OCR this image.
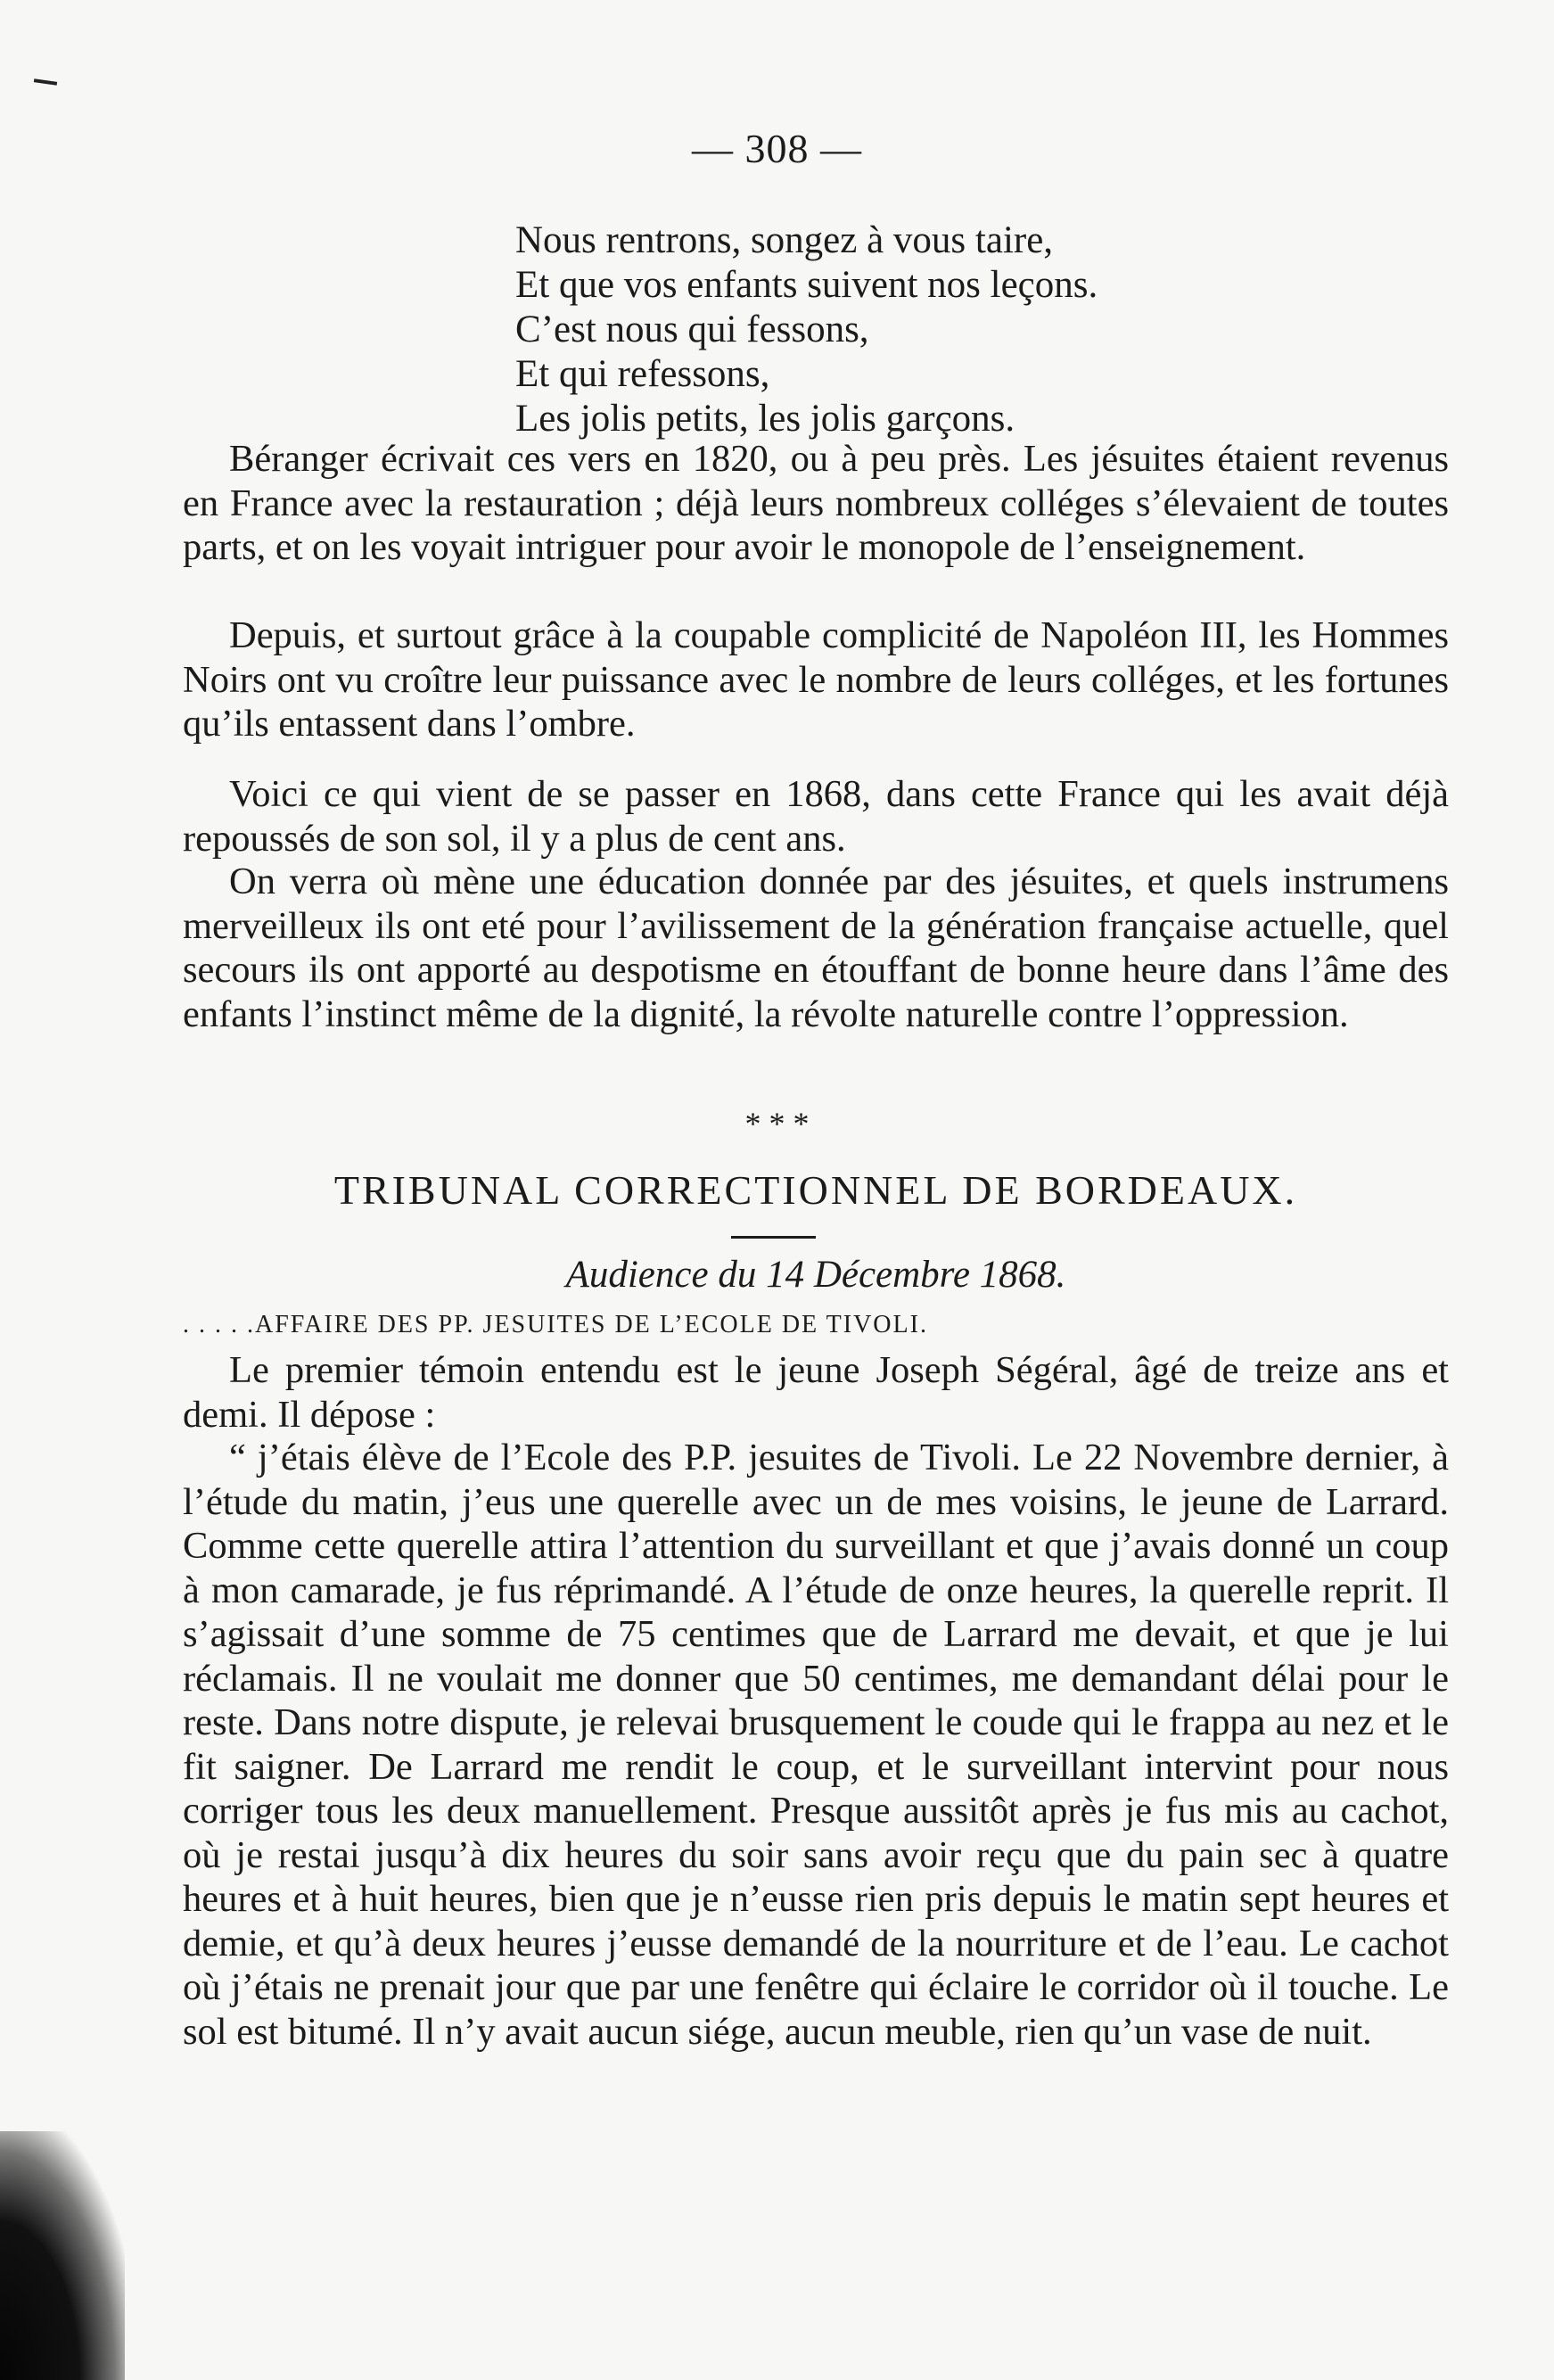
— 308 —
Nous rentrons, songez à vous taire,
Et que vos enfants suivent nos leçons.
C’est nous qui fessons,
Et qui refessons,
Les jolis petits, les jolis garçons.
Béranger écrivait ces vers en 1820, ou à peu près. Les jésuites étaient revenus en France avec la restauration ; déjà leurs nombreux colléges s’élevaient de toutes parts, et on les voyait intriguer pour avoir le monopole de l’enseignement.
Depuis, et surtout grâce à la coupable complicité de Napoléon III, les Hommes Noirs ont vu croître leur puissance avec le nombre de leurs colléges, et les fortunes qu’ils entassent dans l’ombre.
Voici ce qui vient de se passer en 1868, dans cette France qui les avait déjà repoussés de son sol, il y a plus de cent ans.
On verra où mène une éducation donnée par des jésuites, et quels instrumens merveilleux ils ont eté pour l’avilissement de la génération française actuelle, quel secours ils ont apporté au despotisme en étouffant de bonne heure dans l’âme des enfants l’instinct même de la dignité, la révolte naturelle contre l’oppression.
* * *
TRIBUNAL CORRECTIONNEL DE BORDEAUX.
Audience du 14 Décembre 1868.
. . . . .AFFAIRE DES PP. JESUITES DE L’ECOLE DE TIVOLI.
Le premier témoin entendu est le jeune Joseph Ségéral, âgé de treize ans et demi. Il dépose :
“ j’étais élève de l’Ecole des P.P. jesuites de Tivoli. Le 22 Novembre dernier, à l’étude du matin, j’eus une querelle avec un de mes voisins, le jeune de Larrard. Comme cette querelle attira l’attention du surveillant et que j’avais donné un coup à mon camarade, je fus réprimandé. A l’étude de onze heures, la querelle reprit. Il s’agissait d’une somme de 75 centimes que de Larrard me devait, et que je lui réclamais. Il ne voulait me donner que 50 centimes, me demandant délai pour le reste. Dans notre dispute, je relevai brusquement le coude qui le frappa au nez et le fit saigner. De Larrard me rendit le coup, et le surveillant intervint pour nous corriger tous les deux manuellement. Presque aussitôt après je fus mis au cachot, où je restai jusqu’à dix heures du soir sans avoir reçu que du pain sec à quatre heures et à huit heures, bien que je n’eusse rien pris depuis le matin sept heures et demie, et qu’à deux heures j’eusse demandé de la nourriture et de l’eau. Le cachot où j’étais ne prenait jour que par une fenêtre qui éclaire le corridor où il touche. Le sol est bitumé. Il n’y avait aucun siége, aucun meuble, rien qu’un vase de nuit.
